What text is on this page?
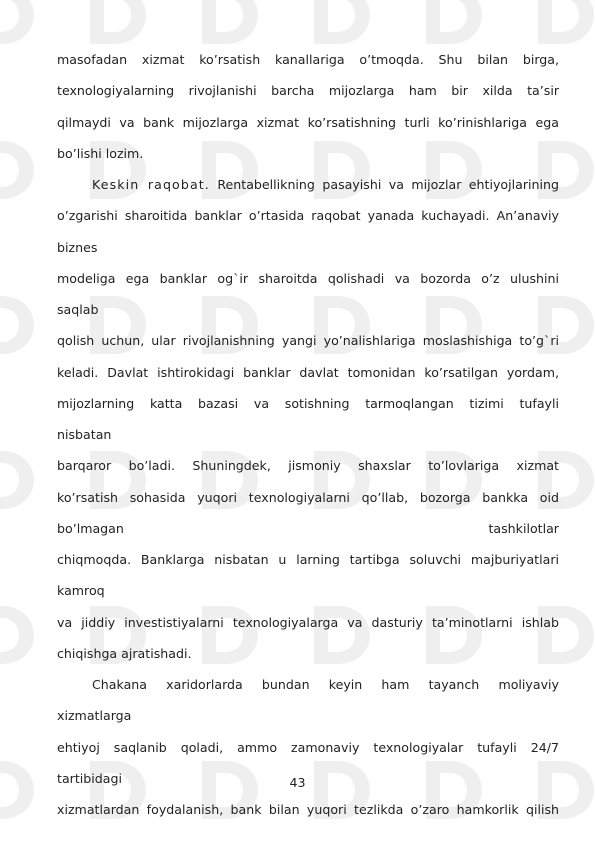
masofadan xizmat ko’rsatish kanallariga o’tmoqda. Shu bilan birga,
texnologiyalarning rivojlanishi barcha mijozlarga ham bir xilda ta’sir
qilmaydi va bank mijozlarga xizmat ko’rsatishning turli ko’rinishlariga ega
bo’lishi lozim.
Keskin raqobat. Rentabellikning pasayishi va mijozlar ehtiyojlarining
o’zgarishi sharoitida banklar o’rtasida raqobat yanada kuchayadi. An’anaviy
biznes
modeliga ega banklar og`ir sharoitda qolishadi va bozorda o’z ulushini
saqlab
qolish uchun, ular rivojlanishning yangi yo’nalishlariga moslashishiga to’g`ri
keladi. Davlat ishtirokidagi banklar davlat tomonidan ko’rsatilgan yordam,
mijozlarning katta bazasi va sotishning tarmoqlangan tizimi tufayli
nisbatan
barqaror bo’ladi. Shuningdek, jismoniy shaxslar to’lovlariga xizmat
ko’rsatish sohasida yuqori texnologiyalarni qo’llab, bozorga bankka oid
bo’lmagan tashkilotlar
chiqmoqda. Banklarga nisbatan u larning tartibga soluvchi majburiyatlari
kamroq
va jiddiy investistiyalarni texnologiyalarga va dasturiy ta’minotlarni ishlab
chiqishga ajratishadi.
Chakana xaridorlarda bundan keyin ham tayanch moliyaviy
xizmatlarga
ehtiyoj saqlanib qoladi, ammo zamonaviy texnologiyalar tufayli 24/7
tartibidagi
xizmatlardan foydalanish, bank bilan yuqori tezlikda o’zaro hamkorlik qilish
43
